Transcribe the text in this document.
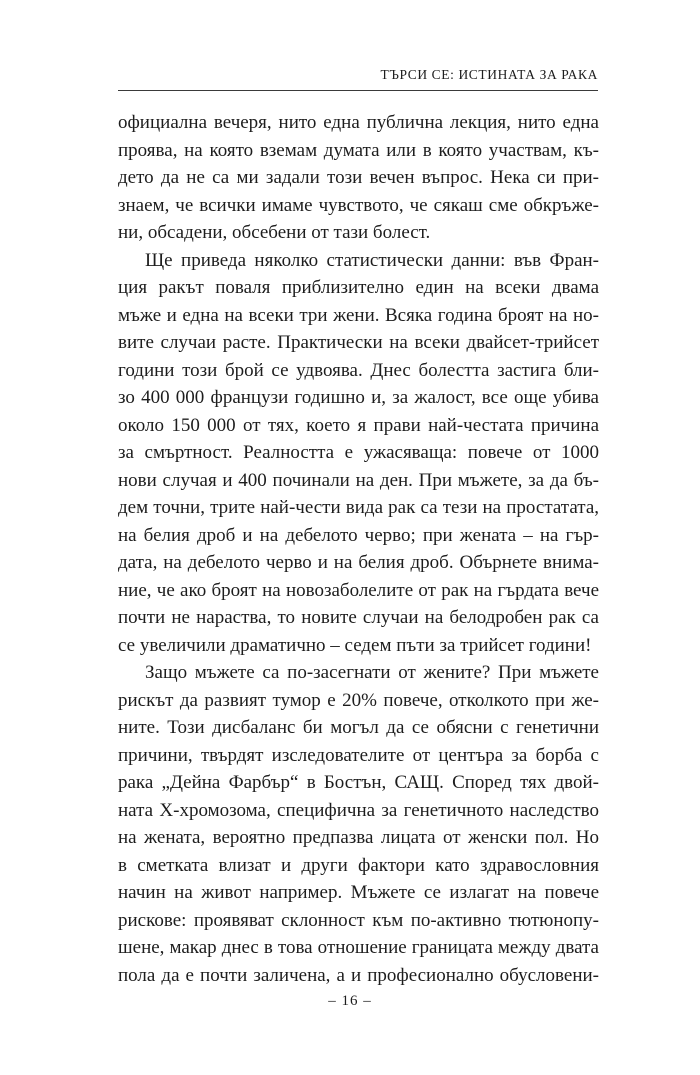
ТЪРСИ СЕ: ИСТИНАТА ЗА РАКА
официална вечеря, нито една публична лекция, нито една
проява, на която вземам думата или в която участвам, къ-
дето да не са ми задали този вечен въпрос. Нека си при-
знаем, че всички имаме чувството, че сякаш сме обкръже-
ни, обсадени, обсебени от тази болест.
Ще приведа няколко статистически данни: във Фран-
ция ракът поваля приблизително един на всеки двама
мъже и една на всеки три жени. Всяка година броят на но-
вите случаи расте. Практически на всеки двайсет-трийсет
години този брой се удвоява. Днес болестта застига бли-
зо 400 000 французи годишно и, за жалост, все още убива
около 150 000 от тях, което я прави най-честата причина
за смъртност. Реалността е ужасяваща: повече от 1000
нови случая и 400 починали на ден. При мъжете, за да бъ-
дем точни, трите най-чести вида рак са тези на простатата,
на белия дроб и на дебелото черво; при жената – на гър-
дата, на дебелото черво и на белия дроб. Обърнете внима-
ние, че ако броят на новозаболелите от рак на гърдата вече
почти не нараства, то новите случаи на белодробен рак са
се увеличили драматично – седем пъти за трийсет години!
Защо мъжете са по-засегнати от жените? При мъжете
рискът да развият тумор е 20% повече, отколкото при же-
ните. Този дисбаланс би могъл да се обясни с генетични
причини, твърдят изследователите от центъра за борба с
рака „Дейна Фарбър“ в Бостън, САЩ. Според тях двой-
ната X-хромозома, специфична за генетичното наследство
на жената, вероятно предпазва лицата от женски пол. Но
в сметката влизат и други фактори като здравословния
начин на живот например. Мъжете се излагат на повече
рискове: проявяват склонност към по-активно тютюнопу-
шене, макар днес в това отношение границата между двата
пола да е почти заличена, а и професионално обусловени-
– 16 –
